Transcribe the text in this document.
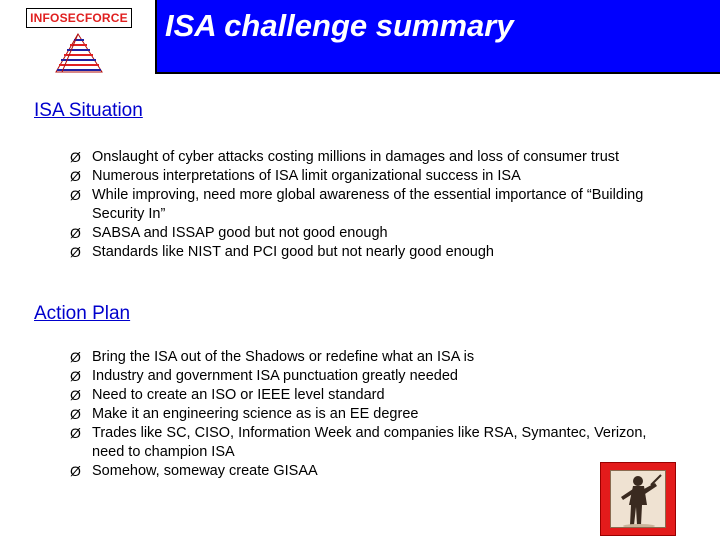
INFOSECFORCE ISA challenge summary
ISA Situation
Ø Onslaught of cyber attacks costing millions in damages and loss of consumer trust
Ø Numerous interpretations of ISA limit organizational success in ISA
Ø While improving, need more global awareness of the essential importance of “Building Security In”
Ø SABSA and ISSAP good but not good enough
Ø Standards like NIST and PCI good but not nearly good enough
Action Plan
Ø Bring the ISA out of the Shadows or redefine what an ISA is
Ø Industry and government ISA punctuation greatly needed
Ø Need to create an ISO or IEEE level standard
Ø Make it an engineering science as is an EE degree
Ø Trades like SC, CISO, Information Week and companies like RSA, Symantec, Verizon, need to champion ISA
Ø Somehow, someway create GISAA
